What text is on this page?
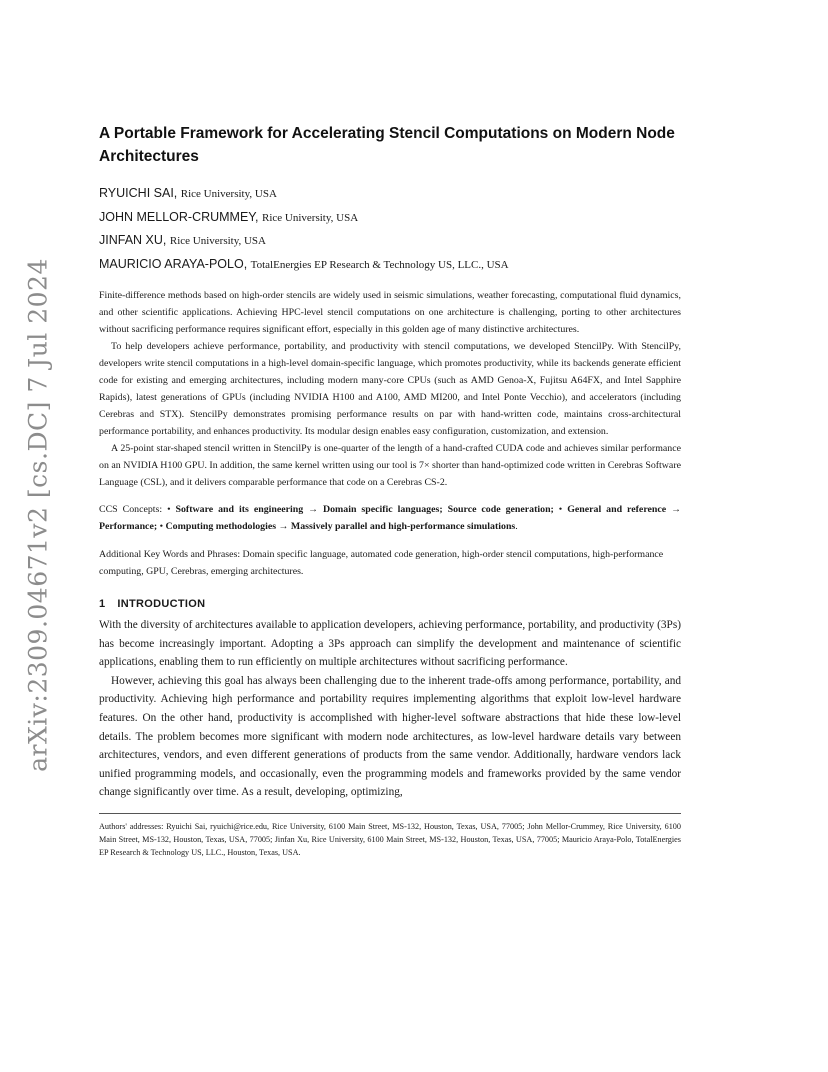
arXiv:2309.04671v2 [cs.DC] 7 Jul 2024
A Portable Framework for Accelerating Stencil Computations on Modern Node Architectures
RYUICHI SAI, Rice University, USA
JOHN MELLOR-CRUMMEY, Rice University, USA
JINFAN XU, Rice University, USA
MAURICIO ARAYA-POLO, TotalEnergies EP Research & Technology US, LLC., USA

Finite-difference methods based on high-order stencils are widely used in seismic simulations, weather forecasting, computational fluid dynamics, and other scientific applications. Achieving HPC-level stencil computations on one architecture is challenging, porting to other architectures without sacrificing performance requires significant effort, especially in this golden age of many distinctive architectures.

To help developers achieve performance, portability, and productivity with stencil computations, we developed StencilPy. With StencilPy, developers write stencil computations in a high-level domain-specific language, which promotes productivity, while its backends generate efficient code for existing and emerging architectures, including modern many-core CPUs (such as AMD Genoa-X, Fujitsu A64FX, and Intel Sapphire Rapids), latest generations of GPUs (including NVIDIA H100 and A100, AMD MI200, and Intel Ponte Vecchio), and accelerators (including Cerebras and STX). StencilPy demonstrates promising performance results on par with hand-written code, maintains cross-architectural performance portability, and enhances productivity. Its modular design enables easy configuration, customization, and extension.

A 25-point star-shaped stencil written in StencilPy is one-quarter of the length of a hand-crafted CUDA code and achieves similar performance on an NVIDIA H100 GPU. In addition, the same kernel written using our tool is 7× shorter than hand-optimized code written in Cerebras Software Language (CSL), and it delivers comparable performance that code on a Cerebras CS-2.

CCS Concepts: • Software and its engineering → Domain specific languages; Source code generation; • General and reference → Performance; • Computing methodologies → Massively parallel and high-performance simulations.
Additional Key Words and Phrases: Domain specific language, automated code generation, high-order stencil computations, high-performance computing, GPU, Cerebras, emerging architectures.
1 INTRODUCTION

With the diversity of architectures available to application developers, achieving performance, portability, and productivity (3Ps) has become increasingly important. Adopting a 3Ps approach can simplify the development and maintenance of scientific applications, enabling them to run efficiently on multiple architectures without sacrificing performance.

However, achieving this goal has always been challenging due to the inherent trade-offs among performance, portability, and productivity. Achieving high performance and portability requires implementing algorithms that exploit low-level hardware features. On the other hand, productivity is accomplished with higher-level software abstractions that hide these low-level details. The problem becomes more significant with modern node architectures, as low-level hardware details vary between architectures, vendors, and even different generations of products from the same vendor. Additionally, hardware vendors lack unified programming models, and occasionally, even the programming models and frameworks provided by the same vendor change significantly over time. As a result, developing, optimizing,

Authors' addresses: Ryuichi Sai, ryuichi@rice.edu, Rice University, 6100 Main Street, MS-132, Houston, Texas, USA, 77005; John Mellor-Crummey, Rice University, 6100 Main Street, MS-132, Houston, Texas, USA, 77005; Jinfan Xu, Rice University, 6100 Main Street, MS-132, Houston, Texas, USA, 77005; Mauricio Araya-Polo, TotalEnergies EP Research & Technology US, LLC., Houston, Texas, USA.
